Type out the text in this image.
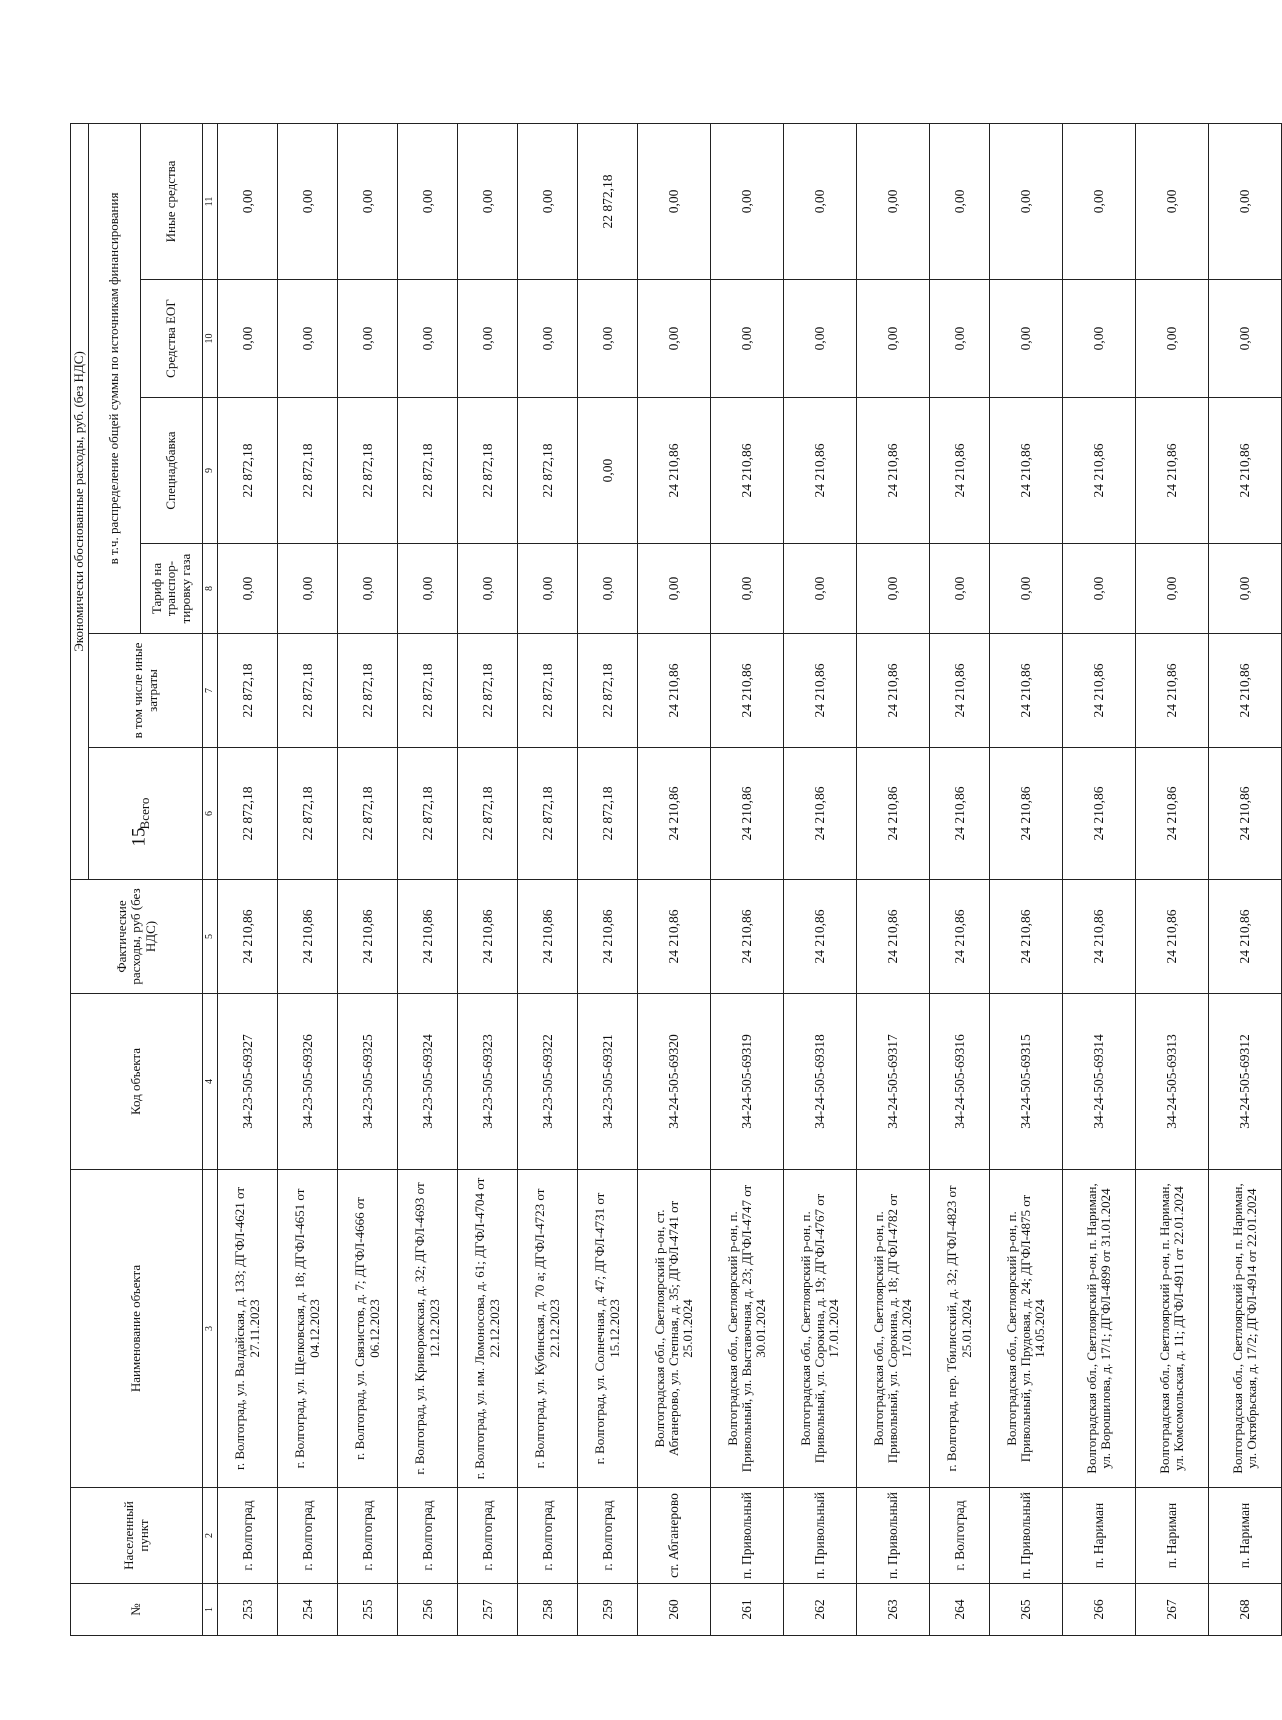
15
№	Населенный пункт	Наименование объекта	Код объекта	Фактические расходы, руб (без НДС)	Экономически обоснованные расходы, руб. (без НДС)					
					Всего	в том числе иные затраты	в т.ч. распределение общей суммы по источникам финансирования			
							Тариф на транспор-тировку газа	Спецнадбавка	Средства ЕОГ	Иные средства
1	2	3	4	5	6	7	8	9	10	11
253	г. Волгоград	г. Волгоград, ул. Валдайская, д. 133; ДГФЛ-4621 от 27.11.2023	34-23-505-69327	24 210,86	22 872,18	22 872,18	0,00	22 872,18	0,00	0,00
254	г. Волгоград	г. Волгоград, ул. Щелковская, д. 18; ДГФЛ-4651 от 04.12.2023	34-23-505-69326	24 210,86	22 872,18	22 872,18	0,00	22 872,18	0,00	0,00
255	г. Волгоград	г. Волгоград, ул. Связистов, д. 7; ДГФЛ-4666 от 06.12.2023	34-23-505-69325	24 210,86	22 872,18	22 872,18	0,00	22 872,18	0,00	0,00
256	г. Волгоград	г. Волгоград, ул. Криворожская, д. 32; ДГФЛ-4693 от 12.12.2023	34-23-505-69324	24 210,86	22 872,18	22 872,18	0,00	22 872,18	0,00	0,00
257	г. Волгоград	г. Волгоград, ул. им. Ломоносова, д. 61; ДГФЛ-4704 от 22.12.2023	34-23-505-69323	24 210,86	22 872,18	22 872,18	0,00	22 872,18	0,00	0,00
258	г. Волгоград	г. Волгоград, ул. Кубинская, д. 70 а; ДГФЛ-4723 от 22.12.2023	34-23-505-69322	24 210,86	22 872,18	22 872,18	0,00	22 872,18	0,00	0,00
259	г. Волгоград	г. Волгоград, ул. Солнечная, д. 47; ДГФЛ-4731 от 15.12.2023	34-23-505-69321	24 210,86	22 872,18	22 872,18	0,00	0,00	0,00	22 872,18
260	ст. Абганерово	Волгоградская обл., Светлоярский р-он, ст. Абганерово, ул. Степная, д. 35; ДГФЛ-4741 от 25.01.2024	34-24-505-69320	24 210,86	24 210,86	24 210,86	0,00	24 210,86	0,00	0,00
261	п. Привольный	Волгоградская обл., Светлоярский р-он, п. Привольный, ул. Выставочная, д. 23; ДГФЛ-4747 от 30.01.2024	34-24-505-69319	24 210,86	24 210,86	24 210,86	0,00	24 210,86	0,00	0,00
262	п. Привольный	Волгоградская обл., Светлоярский р-он, п. Привольный, ул. Сорокина, д. 19; ДГФЛ-4767 от 17.01.2024	34-24-505-69318	24 210,86	24 210,86	24 210,86	0,00	24 210,86	0,00	0,00
263	п. Привольный	Волгоградская обл., Светлоярский р-он, п. Привольный, ул. Сорокина, д. 18; ДГФЛ-4782 от 17.01.2024	34-24-505-69317	24 210,86	24 210,86	24 210,86	0,00	24 210,86	0,00	0,00
264	г. Волгоград	г. Волгоград, пер. Тбилисский, д. 32; ДГФЛ-4823 от 25.01.2024	34-24-505-69316	24 210,86	24 210,86	24 210,86	0,00	24 210,86	0,00	0,00
265	п. Привольный	Волгоградская обл., Светлоярский р-он, п. Привольный, ул. Прудовая, д. 24; ДГФЛ-4875 от 14.05.2024	34-24-505-69315	24 210,86	24 210,86	24 210,86	0,00	24 210,86	0,00	0,00
266	п. Нариман	Волгоградская обл., Светлоярский р-он, п. Нариман, ул. Ворошилова, д. 17/1; ДГФЛ-4899 от 31.01.2024	34-24-505-69314	24 210,86	24 210,86	24 210,86	0,00	24 210,86	0,00	0,00
267	п. Нариман	Волгоградская обл., Светлоярский р-он, п. Нариман, ул. Комсомольская, д. 11; ДГФЛ-4911 от 22.01.2024	34-24-505-69313	24 210,86	24 210,86	24 210,86	0,00	24 210,86	0,00	0,00
268	п. Нариман	Волгоградская обл., Светлоярский р-он, п. Нариман, ул. Октябрьская, д. 17/2; ДГФЛ-4914 от 22.01.2024	34-24-505-69312	24 210,86	24 210,86	24 210,86	0,00	24 210,86	0,00	0,00
